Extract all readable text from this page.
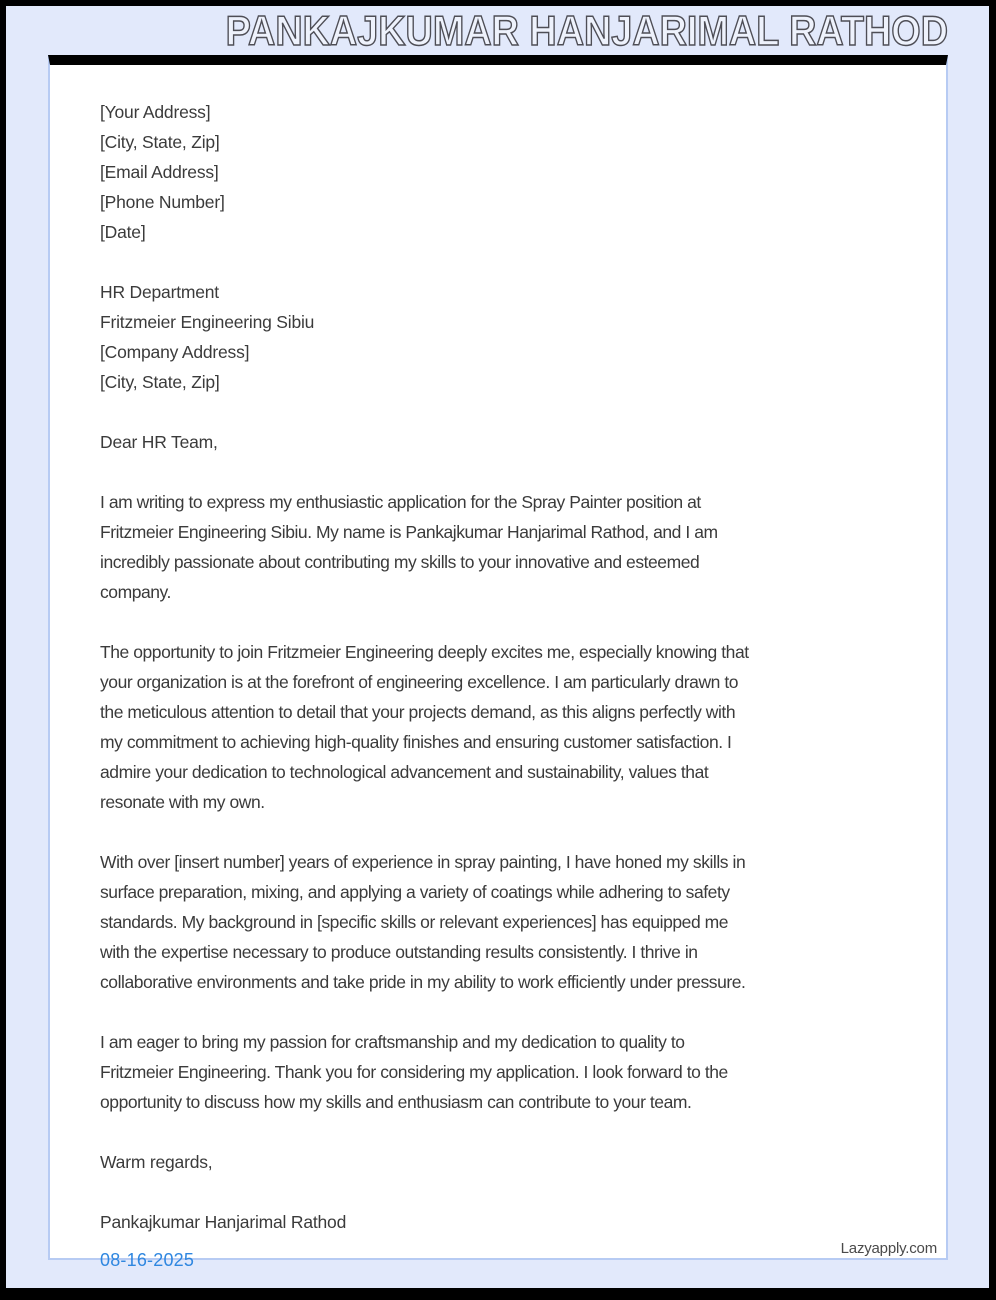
PANKAJKUMAR HANJARIMAL RATHOD
[Your Address]
[City, State, Zip]
[Email Address]
[Phone Number]
[Date]
HR Department
Fritzmeier Engineering Sibiu
[Company Address]
[City, State, Zip]
Dear HR Team,
I am writing to express my enthusiastic application for the Spray Painter position at
Fritzmeier Engineering Sibiu. My name is Pankajkumar Hanjarimal Rathod, and I am
incredibly passionate about contributing my skills to your innovative and esteemed
company.
The opportunity to join Fritzmeier Engineering deeply excites me, especially knowing that
your organization is at the forefront of engineering excellence. I am particularly drawn to
the meticulous attention to detail that your projects demand, as this aligns perfectly with
my commitment to achieving high-quality finishes and ensuring customer satisfaction. I
admire your dedication to technological advancement and sustainability, values that
resonate with my own.
With over [insert number] years of experience in spray painting, I have honed my skills in
surface preparation, mixing, and applying a variety of coatings while adhering to safety
standards. My background in [specific skills or relevant experiences] has equipped me
with the expertise necessary to produce outstanding results consistently. I thrive in
collaborative environments and take pride in my ability to work efficiently under pressure.
I am eager to bring my passion for craftsmanship and my dedication to quality to
Fritzmeier Engineering. Thank you for considering my application. I look forward to the
opportunity to discuss how my skills and enthusiasm can contribute to your team.
Warm regards,
Pankajkumar Hanjarimal Rathod
08-16-2025
Lazyapply.com
